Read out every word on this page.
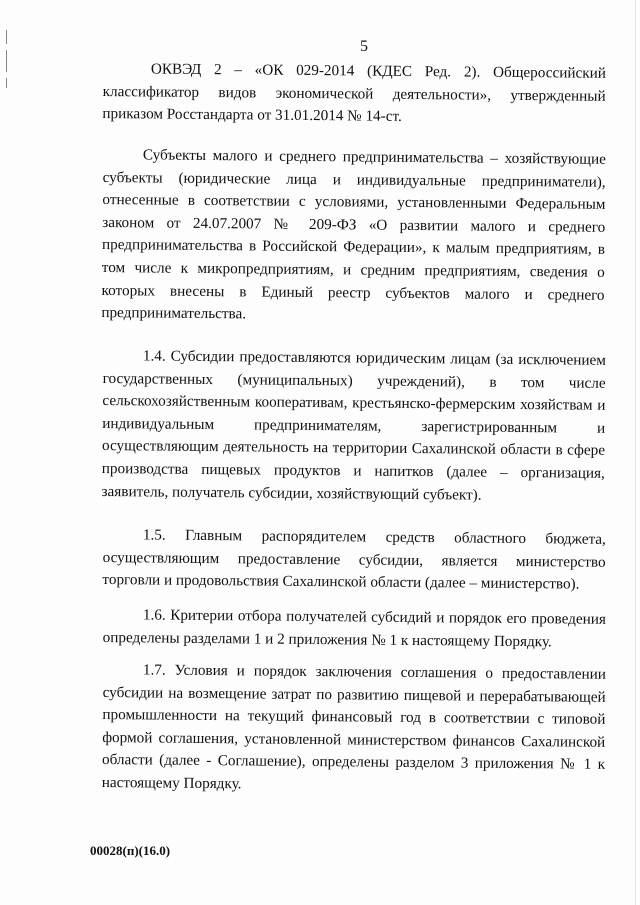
5

ОКВЭД 2 – «ОК 029-2014 (КДЕС Ред. 2). Общероссийский классификатор видов экономической деятельности», утвержденный приказом Росстандарта от 31.01.2014 № 14-ст.

Субъекты малого и среднего предпринимательства – хозяйствующие субъекты (юридические лица и индивидуальные предприниматели), отнесенные в соответствии с условиями, установленными Федеральным законом от 24.07.2007 № 209-ФЗ «О развитии малого и среднего предпринимательства в Российской Федерации», к малым предприятиям, в том числе к микропредприятиям, и средним предприятиям, сведения о которых внесены в Единый реестр субъектов малого и среднего предпринимательства.

1.4. Субсидии предоставляются юридическим лицам (за исключением государственных (муниципальных) учреждений), в том числе сельскохозяйственным кооперативам, крестьянско-фермерским хозяйствам и индивидуальным предпринимателям, зарегистрированным и осуществляющим деятельность на территории Сахалинской области в сфере производства пищевых продуктов и напитков (далее – организация, заявитель, получатель субсидии, хозяйствующий субъект).

1.5. Главным распорядителем средств областного бюджета, осуществляющим предоставление субсидии, является министерство торговли и продовольствия Сахалинской области (далее – министерство).

1.6. Критерии отбора получателей субсидий и порядок его проведения определены разделами 1 и 2 приложения № 1 к настоящему Порядку.

1.7. Условия и порядок заключения соглашения о предоставлении субсидии на возмещение затрат по развитию пищевой и перерабатывающей промышленности на текущий финансовый год в соответствии с типовой формой соглашения, установленной министерством финансов Сахалинской области (далее - Соглашение), определены разделом 3 приложения № 1 к настоящему Порядку.

00028(п)(16.0)
